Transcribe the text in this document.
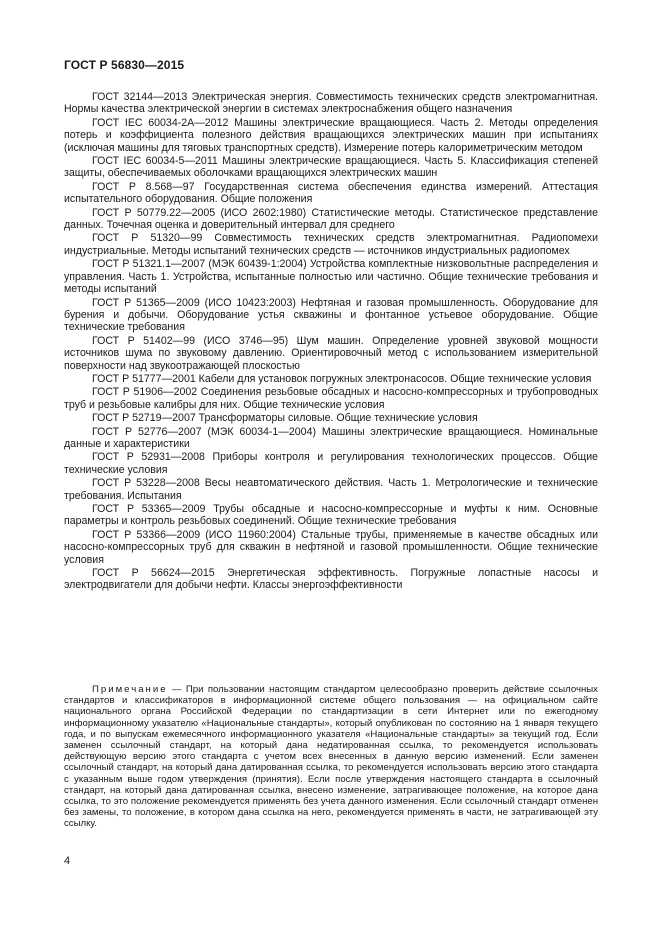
ГОСТ Р 56830—2015

ГОСТ 32144—2013 Электрическая энергия. Совместимость технических средств электромагнитная. Нормы качества электрической энергии в системах электроснабжения общего назначения

ГОСТ IEC 60034-2А—2012 Машины электрические вращающиеся. Часть 2. Методы определения потерь и коэффициента полезного действия вращающихся электрических машин при испытаниях (исключая машины для тяговых транспортных средств). Измерение потерь калориметрическим методом

ГОСТ IEC 60034-5—2011 Машины электрические вращающиеся. Часть 5. Классификация степеней защиты, обеспечиваемых оболочками вращающихся электрических машин

ГОСТ Р 8.568—97 Государственная система обеспечения единства измерений. Аттестация испытательного оборудования. Общие положения

ГОСТ Р 50779.22—2005 (ИСО 2602:1980) Статистические методы. Статистическое представление данных. Точечная оценка и доверительный интервал для среднего

ГОСТ Р 51320—99 Совместимость технических средств электромагнитная. Радиопомехи индустриальные. Методы испытаний технических средств — источников индустриальных радиопомех

ГОСТ Р 51321.1—2007 (МЭК 60439-1:2004) Устройства комплектные низковольтные распределения и управления. Часть 1. Устройства, испытанные полностью или частично. Общие технические требования и методы испытаний

ГОСТ Р 51365—2009 (ИСО 10423:2003) Нефтяная и газовая промышленность. Оборудование для бурения и добычи. Оборудование устья скважины и фонтанное устьевое оборудование. Общие технические требования

ГОСТ Р 51402—99 (ИСО 3746—95) Шум машин. Определение уровней звуковой мощности источников шума по звуковому давлению. Ориентировочный метод с использованием измерительной поверхности над звукоотражающей плоскостью

ГОСТ Р 51777—2001 Кабели для установок погружных электронасосов. Общие технические условия

ГОСТ Р 51906—2002 Соединения резьбовые обсадных и насосно-компрессорных и трубопроводных труб и резьбовые калибры для них. Общие технические условия

ГОСТ Р 52719—2007 Трансформаторы силовые. Общие технические условия

ГОСТ Р 52776—2007 (МЭК 60034-1—2004) Машины электрические вращающиеся. Номинальные данные и характеристики

ГОСТ Р 52931—2008 Приборы контроля и регулирования технологических процессов. Общие технические условия

ГОСТ Р 53228—2008 Весы неавтоматического действия. Часть 1. Метрологические и технические требования. Испытания

ГОСТ Р 53365—2009 Трубы обсадные и насосно-компрессорные и муфты к ним. Основные параметры и контроль резьбовых соединений. Общие технические требования

ГОСТ Р 53366—2009 (ИСО 11960:2004) Стальные трубы, применяемые в качестве обсадных или насосно-компрессорных труб для скважин в нефтяной и газовой промышленности. Общие технические условия

ГОСТ Р 56624—2015 Энергетическая эффективность. Погружные лопастные насосы и электродвигатели для добычи нефти. Классы энергоэффективности

Примечание — При пользовании настоящим стандартом целесообразно проверить действие ссылочных стандартов и классификаторов в информационной системе общего пользования — на официальном сайте национального органа Российской Федерации по стандартизации в сети Интернет или по ежегодному информационному указателю «Национальные стандарты», который опубликован по состоянию на 1 января текущего года, и по выпускам ежемесячного информационного указателя «Национальные стандарты» за текущий год. Если заменен ссылочный стандарт, на который дана недатированная ссылка, то рекомендуется использовать действующую версию этого стандарта с учетом всех внесенных в данную версию изменений. Если заменен ссылочный стандарт, на который дана датированная ссылка, то рекомендуется использовать версию этого стандарта с указанным выше годом утверждения (принятия). Если после утверждения настоящего стандарта в ссылочный стандарт, на который дана датированная ссылка, внесено изменение, затрагивающее положение, на которое дана ссылка, то это положение рекомендуется применять без учета данного изменения. Если ссылочный стандарт отменен без замены, то положение, в котором дана ссылка на него, рекомендуется применять в части, не затрагивающей эту ссылку.

4
